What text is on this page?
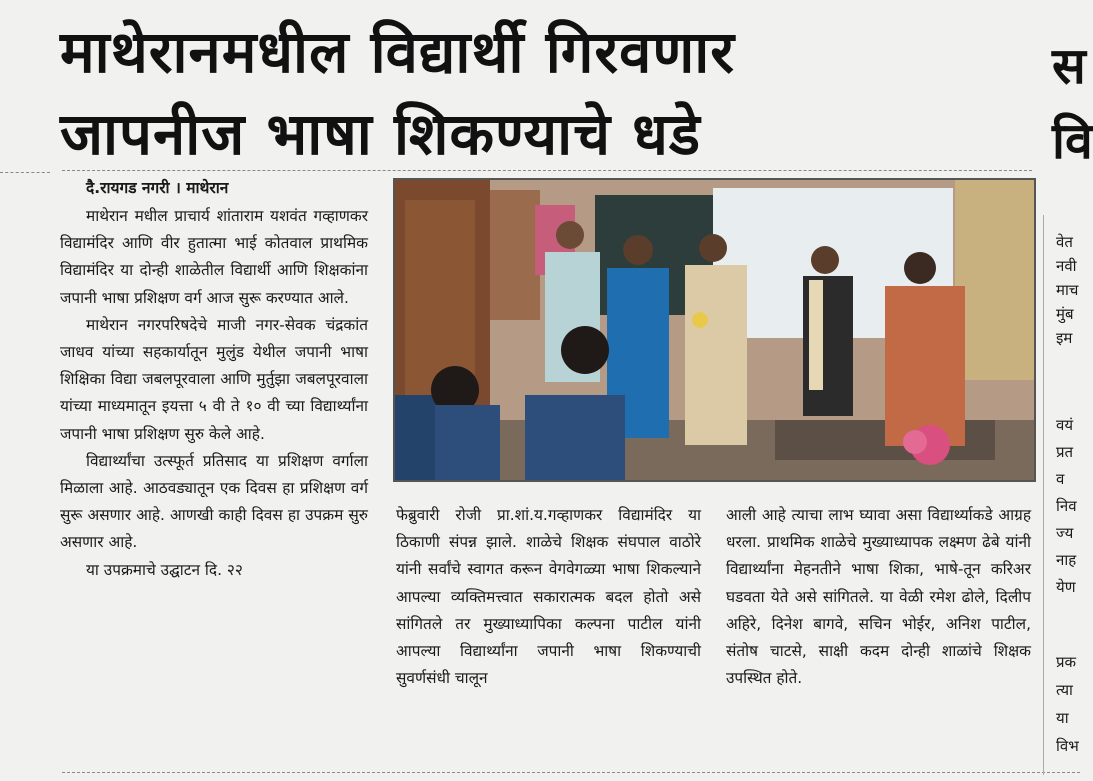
माथेरानमधील विद्यार्थी गिरवणार
जापनीज भाषा शिकण्याचे धडे
स
वि
दै.रायगड नगरी । माथेरान

माथेरान मधील प्राचार्य शांताराम यशवंत गव्हाणकर विद्यामंदिर आणि वीर हुतात्मा भाई कोतवाल प्राथमिक विद्यामंदिर या दोन्ही शाळेतील विद्यार्थी आणि शिक्षकांना जपानी भाषा प्रशिक्षण वर्ग आज सुरू करण्यात आले.

माथेरान नगरपरिषदेचे माजी नगर-सेवक चंद्रकांत जाधव यांच्या सहकार्यातून मुलुंड येथील जपानी भाषा शिक्षिका विद्या जबलपूरवाला आणि मुर्तुझा जबलपूरवाला यांच्या माध्यमातून इयत्ता ५ वी ते १० वी च्या विद्यार्थ्यांना जपानी भाषा प्रशिक्षण सुरु केले आहे.

विद्यार्थ्यांचा उत्स्फूर्त प्रतिसाद या प्रशिक्षण वर्गाला मिळाला आहे. आठवड्यातून एक दिवस हा प्रशिक्षण वर्ग सुरू असणार आहे. आणखी काही दिवस हा उपक्रम सुरु असणार आहे.

या उपक्रमाचे उद्घाटन दि. २२

फेब्रुवारी रोजी प्रा.शां.य.गव्हाणकर विद्यामंदिर या ठिकाणी संपन्न झाले. शाळेचे शिक्षक संघपाल वाठोरे यांनी सर्वांचे स्वागत करून वेगवेगळ्या भाषा शिकल्याने आपल्या व्यक्तिमत्त्वात सकारात्मक बदल होतो असे सांगितले तर मुख्याध्यापिका कल्पना पाटील यांनी आपल्या विद्यार्थ्यांना जपानी भाषा शिकण्याची सुवर्णसंधी चालून

आली आहे त्याचा लाभ घ्यावा असा विद्यार्थ्याकडे आग्रह धरला. प्राथमिक शाळेचे मुख्याध्यापक लक्ष्मण ढेबे यांनी विद्यार्थ्यांना मेहनतीने भाषा शिका, भाषे-तून करिअर घडवता येते असे सांगितले. या वेळी रमेश ढोले, दिलीप अहिरे, दिनेश बागवे, सचिन भोईर, अनिश पाटील, संतोष चाटसे, साक्षी कदम दोन्ही शाळांचे शिक्षक उपस्थित होते.

वेत
नवी
माच
मुंब
इम
वयं
प्रत
व
निव
ज्य
नाह
येण
प्रक
त्या
या
विभ
